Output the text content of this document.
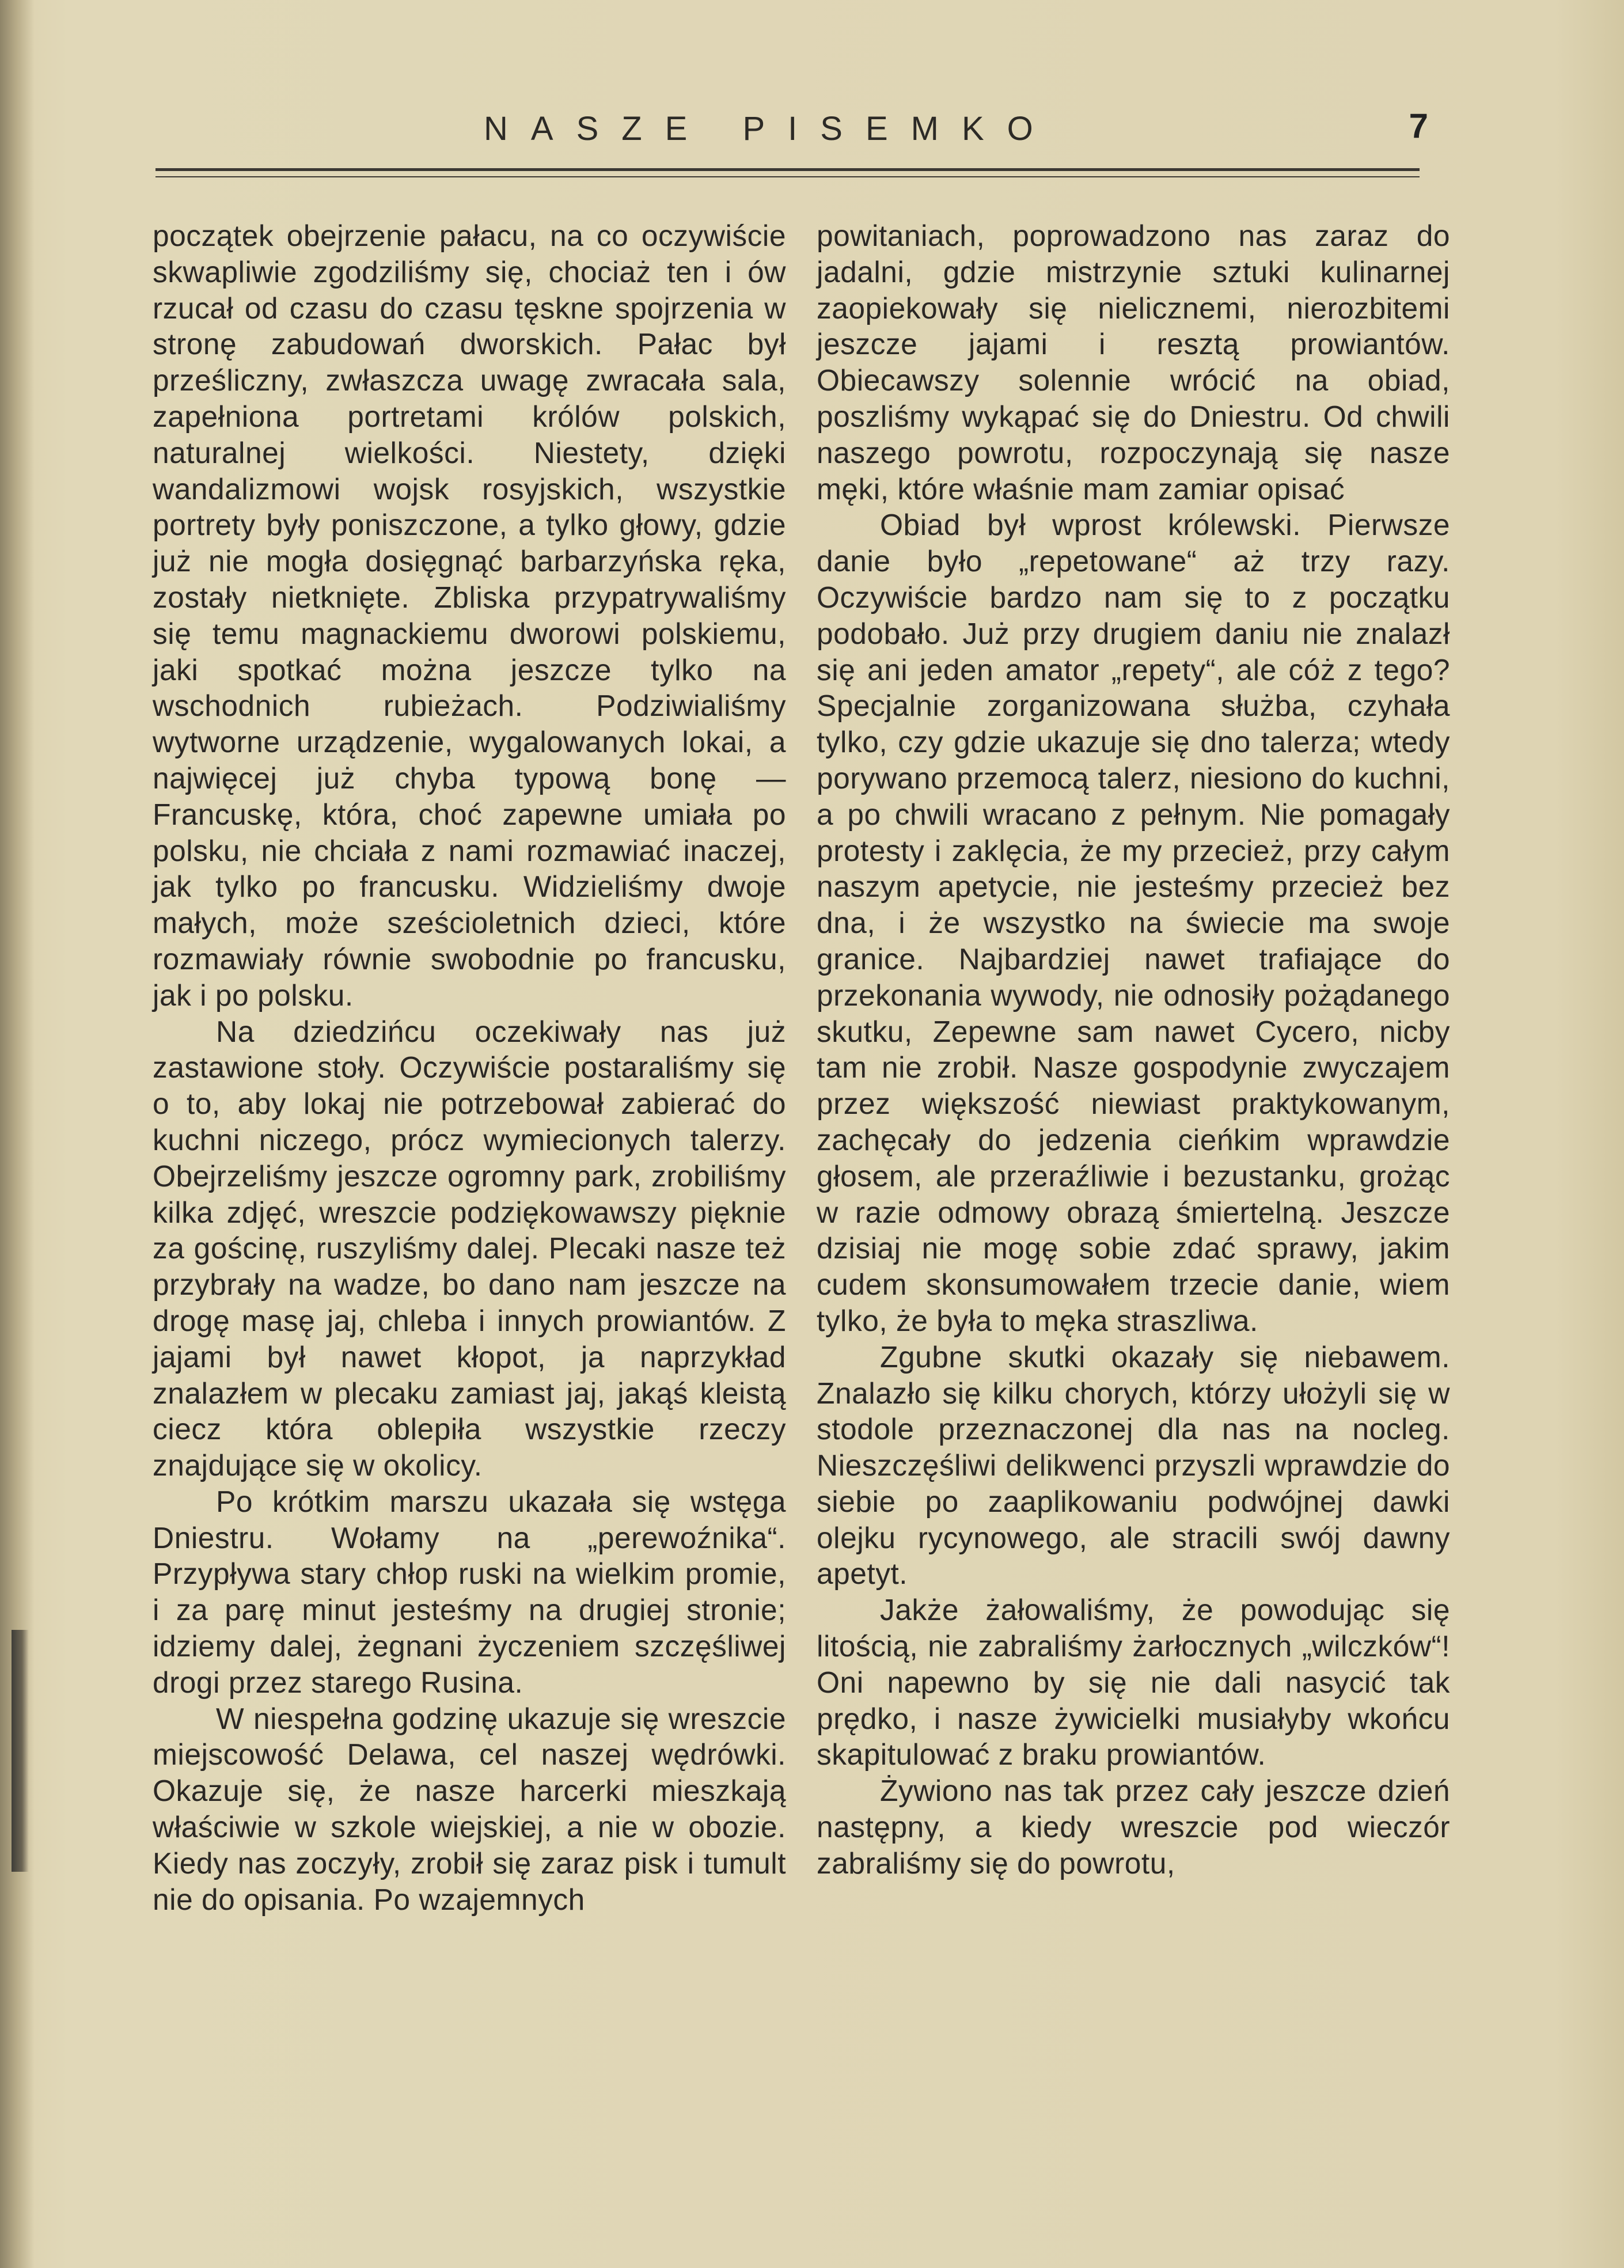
NASZE PISEMKO	7

początek obejrzenie pałacu, na co oczywiście skwapliwie zgodziliśmy się, chociaż ten i ów rzucał od czasu do czasu tęskne spojrzenia w stronę zabudowań dworskich. Pałac był prześliczny, zwłaszcza uwagę zwracała sala, zapełniona portretami królów polskich, naturalnej wielkości. Niestety, dzięki wandalizmowi wojsk rosyjskich, wszystkie portrety były poniszczone, a tylko głowy, gdzie już nie mogła dosięgnąć barbarzyńska ręka, zostały nietknięte. Zbliska przypatrywaliśmy się temu magnackiemu dworowi polskiemu, jaki spotkać można jeszcze tylko na wschodnich rubieżach. Podziwialiśmy wytworne urządzenie, wygalowanych lokai, a najwięcej już chyba typową bonę — Francuskę, która, choć zapewne umiała po polsku, nie chciała z nami rozmawiać inaczej, jak tylko po francusku. Widzieliśmy dwoje małych, może sześcioletnich dzieci, które rozmawiały równie swobodnie po francusku, jak i po polsku.

Na dziedzińcu oczekiwały nas już zastawione stoły. Oczywiście postaraliśmy się o to, aby lokaj nie potrzebował zabierać do kuchni niczego, prócz wymiecionych talerzy. Obejrzeliśmy jeszcze ogromny park, zrobiliśmy kilka zdjęć, wreszcie podziękowawszy pięknie za gościnę, ruszyliśmy dalej. Plecaki nasze też przybrały na wadze, bo dano nam jeszcze na drogę masę jaj, chleba i innych prowiantów. Z jajami był nawet kłopot, ja naprzykład znalazłem w plecaku zamiast jaj, jakąś kleistą ciecz która oblepiła wszystkie rzeczy znajdujące się w okolicy.

Po krótkim marszu ukazała się wstęga Dniestru. Wołamy na „perewoźnika“. Przypływa stary chłop ruski na wielkim promie, i za parę minut jesteśmy na drugiej stronie; idziemy dalej, żegnani życzeniem szczęśliwej drogi przez starego Rusina.

W niespełna godzinę ukazuje się wreszcie miejscowość Delawa, cel naszej wędrówki. Okazuje się, że nasze harcerki mieszkają właściwie w szkole wiejskiej, a nie w obozie. Kiedy nas zoczyły, zrobił się zaraz pisk i tumult nie do opisania. Po wzajemnych

powitaniach, poprowadzono nas zaraz do jadalni, gdzie mistrzynie sztuki kulinarnej zaopiekowały się nielicznemi, nierozbitemi jeszcze jajami i resztą prowiantów. Obiecawszy solennie wrócić na obiad, poszliśmy wykąpać się do Dniestru. Od chwili naszego powrotu, rozpoczynają się nasze męki, które właśnie mam zamiar opisać

Obiad był wprost królewski. Pierwsze danie było „repetowane“ aż trzy razy. Oczywiście bardzo nam się to z początku podobało. Już przy drugiem daniu nie znalazł się ani jeden amator „repety“, ale cóż z tego? Specjalnie zorganizowana służba, czyhała tylko, czy gdzie ukazuje się dno talerza; wtedy porywano przemocą talerz, niesiono do kuchni, a po chwili wracano z pełnym. Nie pomagały protesty i zaklęcia, że my przecież, przy całym naszym apetycie, nie jesteśmy przecież bez dna, i że wszystko na świecie ma swoje granice. Najbardziej nawet trafiające do przekonania wywody, nie odnosiły pożądanego skutku, Zepewne sam nawet Cycero, nicby tam nie zrobił. Nasze gospodynie zwyczajem przez większość niewiast praktykowanym, zachęcały do jedzenia cieńkim wprawdzie głosem, ale przeraźliwie i bezustanku, grożąc w razie odmowy obrazą śmiertelną. Jeszcze dzisiaj nie mogę sobie zdać sprawy, jakim cudem skonsumowałem trzecie danie, wiem tylko, że była to męka straszliwa.

Zgubne skutki okazały się niebawem. Znalazło się kilku chorych, którzy ułożyli się w stodole przeznaczonej dla nas na nocleg. Nieszczęśliwi delikwenci przyszli wprawdzie do siebie po zaaplikowaniu podwójnej dawki olejku rycynowego, ale stracili swój dawny apetyt.

Jakże żałowaliśmy, że powodując się litością, nie zabraliśmy żarłocznych „wilczków“! Oni napewno by się nie dali nasycić tak prędko, i nasze żywicielki musiałyby wkońcu skapitulować z braku prowiantów.

Żywiono nas tak przez cały jeszcze dzień następny, a kiedy wreszcie pod wieczór zabraliśmy się do powrotu,
